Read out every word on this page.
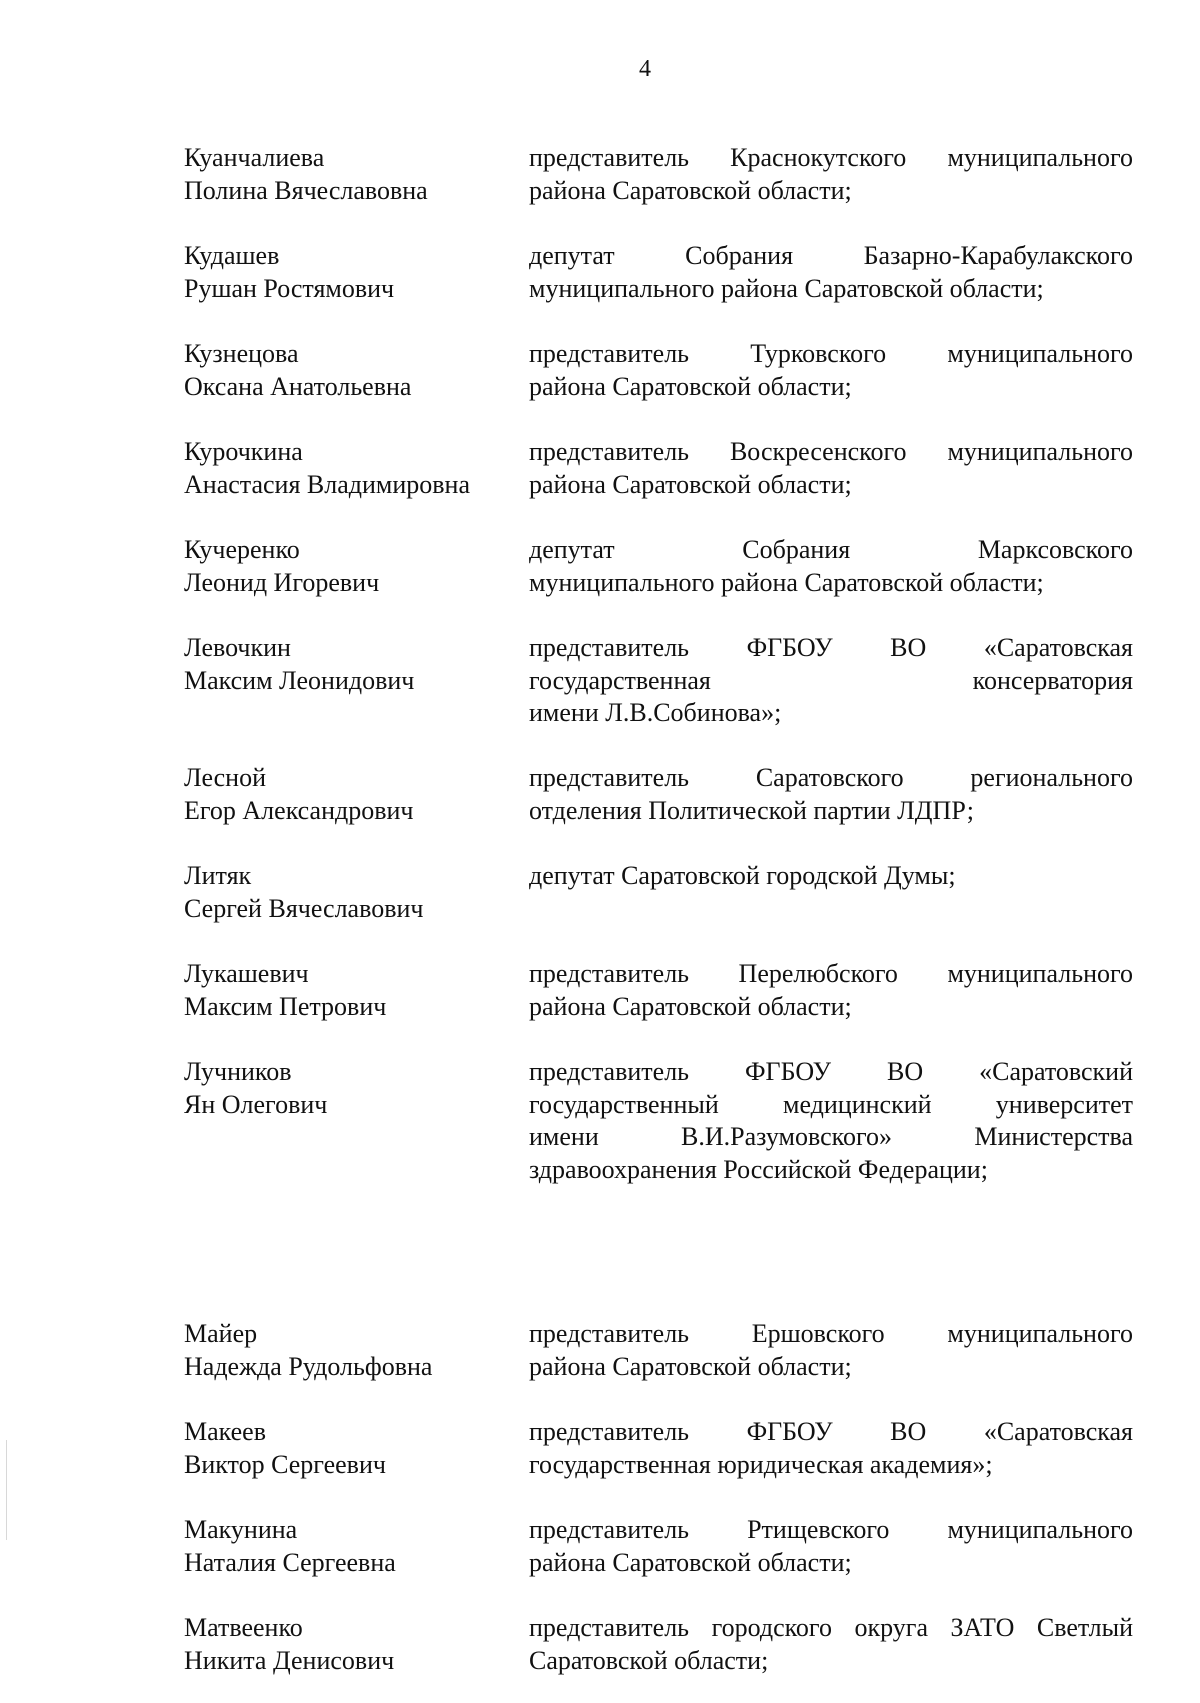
4
Куанчалиева
Полина Вячеславовна
представитель Краснокутского муниципального
района Саратовской области;
Кудашев
Рушан Ростямович
депутат Собрания Базарно-Карабулакского
муниципального района Саратовской области;
Кузнецова
Оксана Анатольевна
представитель Турковского муниципального
района Саратовской области;
Курочкина
Анастасия Владимировна
представитель Воскресенского муниципального
района Саратовской области;
Кучеренко
Леонид Игоревич
депутат Собрания Марксовского
муниципального района Саратовской области;
Левочкин
Максим Леонидович
представитель ФГБОУ ВО «Саратовская
государственная консерватория
имени Л.В.Собинова»;
Лесной
Егор Александрович
представитель Саратовского регионального
отделения Политической партии ЛДПР;
Литяк
Сергей Вячеславович
депутат Саратовской городской Думы;
Лукашевич
Максим Петрович
представитель Перелюбского муниципального
района Саратовской области;
Лучников
Ян Олегович
представитель ФГБОУ ВО «Саратовский
государственный медицинский университет
имени В.И.Разумовского» Министерства
здравоохранения Российской Федерации;
Майер
Надежда Рудольфовна
представитель Ершовского муниципального
района Саратовской области;
Макеев
Виктор Сергеевич
представитель ФГБОУ ВО «Саратовская
государственная юридическая академия»;
Макунина
Наталия Сергеевна
представитель Ртищевского муниципального
района Саратовской области;
Матвеенко
Никита Денисович
представитель городского округа ЗАТО Светлый
Саратовской области;
